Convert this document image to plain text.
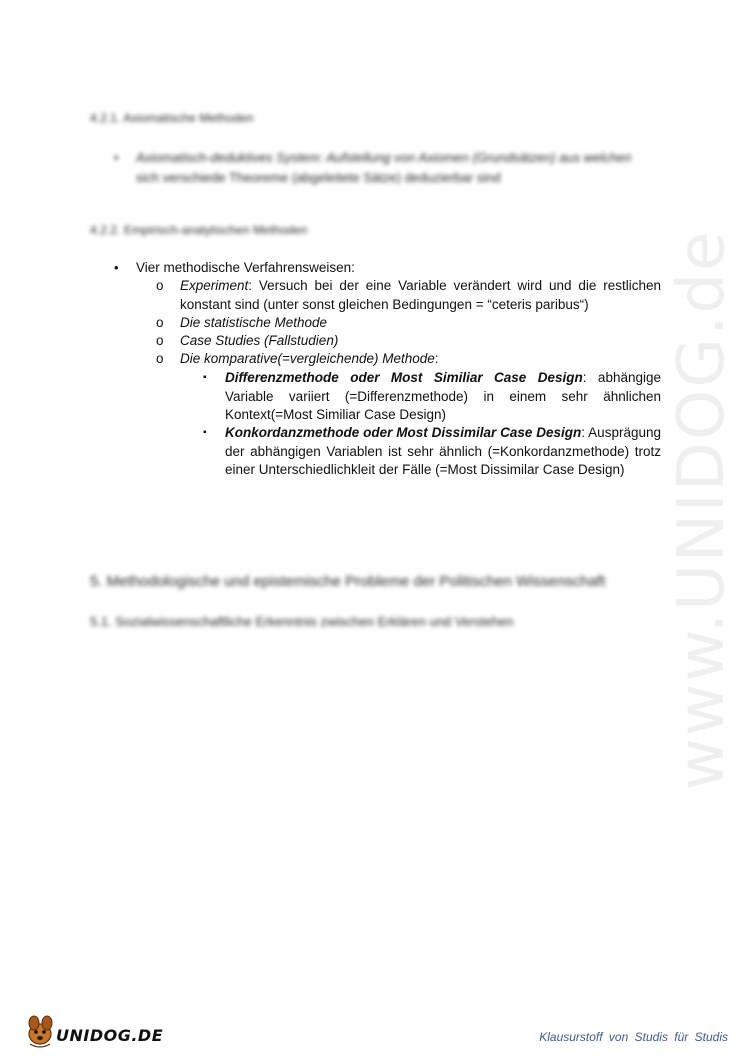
www.UNIDOG.de
4.2.1. Axiomatische Methoden
• Axiomatisch-deduktives System: Aufstellung von Axiomen (Grundsätzen) aus welchen
sich verschiede Theoreme (abgeleitete Sätze) deduzierbar sind
4.2.2. Empirisch-analytischen Methoden
• Vier methodische Verfahrensweisen:
o Experiment: Versuch bei der eine Variable verändert wird und die restlichen konstant sind (unter sonst gleichen Bedingungen = “ceteris paribus“)
o Die statistische Methode
o Case Studies (Fallstudien)
o Die komparative(=vergleichende) Methode:
▪ Differenzmethode oder Most Similiar Case Design: abhängige Variable variiert (=Differenzmethode) in einem sehr ähnlichen Kontext(=Most Similiar Case Design)
▪ Konkordanzmethode oder Most Dissimilar Case Design: Ausprägung der abhängigen Variablen ist sehr ähnlich (=Konkordanzmethode) trotz einer Unterschiedlichkleit der Fälle (=Most Dissimilar Case Design)
5. Methodologische und epistemische Probleme der Politischen Wissenschaft
5.1. Sozialwissenschaftliche Erkenntnis zwischen Erklären und Verstehen
UNIDOG.DE	Klausurstoff von Studis für Studis
